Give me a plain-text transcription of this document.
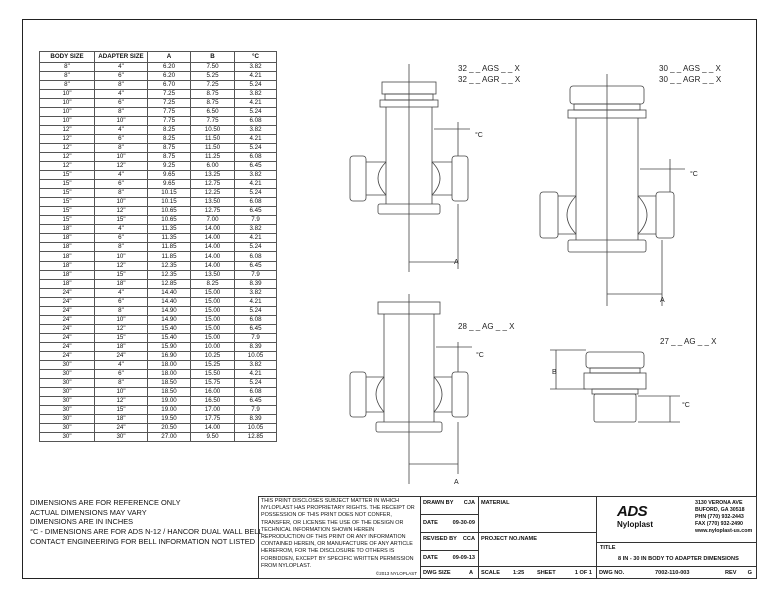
BODY SIZE	ADAPTER SIZE	A	B	°C
8"	4"	6.20	7.50	3.82
8"	6"	6.20	5.25	4.21
8"	8"	6.70	7.25	5.24
10"	4"	7.25	8.75	3.82
10"	6"	7.25	8.75	4.21
10"	8"	7.75	6.50	5.24
10"	10"	7.75	7.75	6.08
12"	4"	8.25	10.50	3.82
12"	6"	8.25	11.50	4.21
12"	8"	8.75	11.50	5.24
12"	10"	8.75	11.25	6.08
12"	12"	9.25	6.00	6.45
15"	4"	9.65	13.25	3.82
15"	6"	9.65	12.75	4.21
15"	8"	10.15	12.25	5.24
15"	10"	10.15	13.50	6.08
15"	12"	10.65	12.75	6.45
15"	15"	10.65	7.00	7.9
18"	4"	11.35	14.00	3.82
18"	6"	11.35	14.00	4.21
18"	8"	11.85	14.00	5.24
18"	10"	11.85	14.00	6.08
18"	12"	12.35	14.00	6.45
18"	15"	12.35	13.50	7.9
18"	18"	12.85	8.25	8.39
24"	4"	14.40	15.00	3.82
24"	6"	14.40	15.00	4.21
24"	8"	14.90	15.00	5.24
24"	10"	14.90	15.00	6.08
24"	12"	15.40	15.00	6.45
24"	15"	15.40	15.00	7.9
24"	18"	15.90	10.00	8.39
24"	24"	16.90	10.25	10.05
30"	4"	18.00	15.25	3.82
30"	6"	18.00	15.50	4.21
30"	8"	18.50	15.75	5.24
30"	10"	18.50	16.00	6.08
30"	12"	19.00	16.50	6.45
30"	15"	19.00	17.00	7.9
30"	18"	19.50	17.75	8.39
30"	24"	20.50	14.00	10.05
30"	30"	27.00	9.50	12.85
°C
A
32 _ _ AGS _ _ X
32 _ _ AGR _ _ X
°C
A
30 _ _ AGS _ _ X
30 _ _ AGR _ _ X
°C
A
28 _ _ AG _ _ X
B
°C
27 _ _ AG _ _ X
DIMENSIONS ARE FOR REFERENCE ONLY
ACTUAL DIMENSIONS MAY VARY
DIMENSIONS ARE IN INCHES
°C - DIMENSIONS ARE FOR ADS N-12 / HANCOR DUAL WALL BELL
CONTACT ENGINEERING FOR BELL INFORMATION NOT LISTED
THIS PRINT DISCLOSES SUBJECT MATTER IN WHICH NYLOPLAST HAS PROPRIETARY RIGHTS. THE RECEIPT OR POSSESSION OF THIS PRINT DOES NOT CONFER, TRANSFER, OR LICENSE THE USE OF THE DESIGN OR TECHNICAL INFORMATION SHOWN HEREIN REPRODUCTION OF THIS PRINT OR ANY INFORMATION CONTAINED HEREIN, OR MANUFACTURE OF ANY ARTICLE HEREFROM, FOR THE DISCLOSURE TO OTHERS IS FORBIDDEN, EXCEPT BY SPECIFIC WRITTEN PERMISSION FROM NYLOPLAST.
©2013 NYLOPLAST
DRAWN BY CJA
DATE	09-30-09
REVISED BY CCA
DATE	09-09-13
DWG SIZE	A
MATERIAL
PROJECT NO./NAME
SCALE 1:25 SHEET	1 OF 1
ADS
Nyloplast
3130 VERONA AVE
BUFORD, GA 30518
PHN (770) 932-2443
FAX (770) 932-2490
www.nyloplast-us.com
TITLE
8 IN - 30 IN BODY TO ADAPTER DIMENSIONS
DWG NO.	7002-110-003	REV G
